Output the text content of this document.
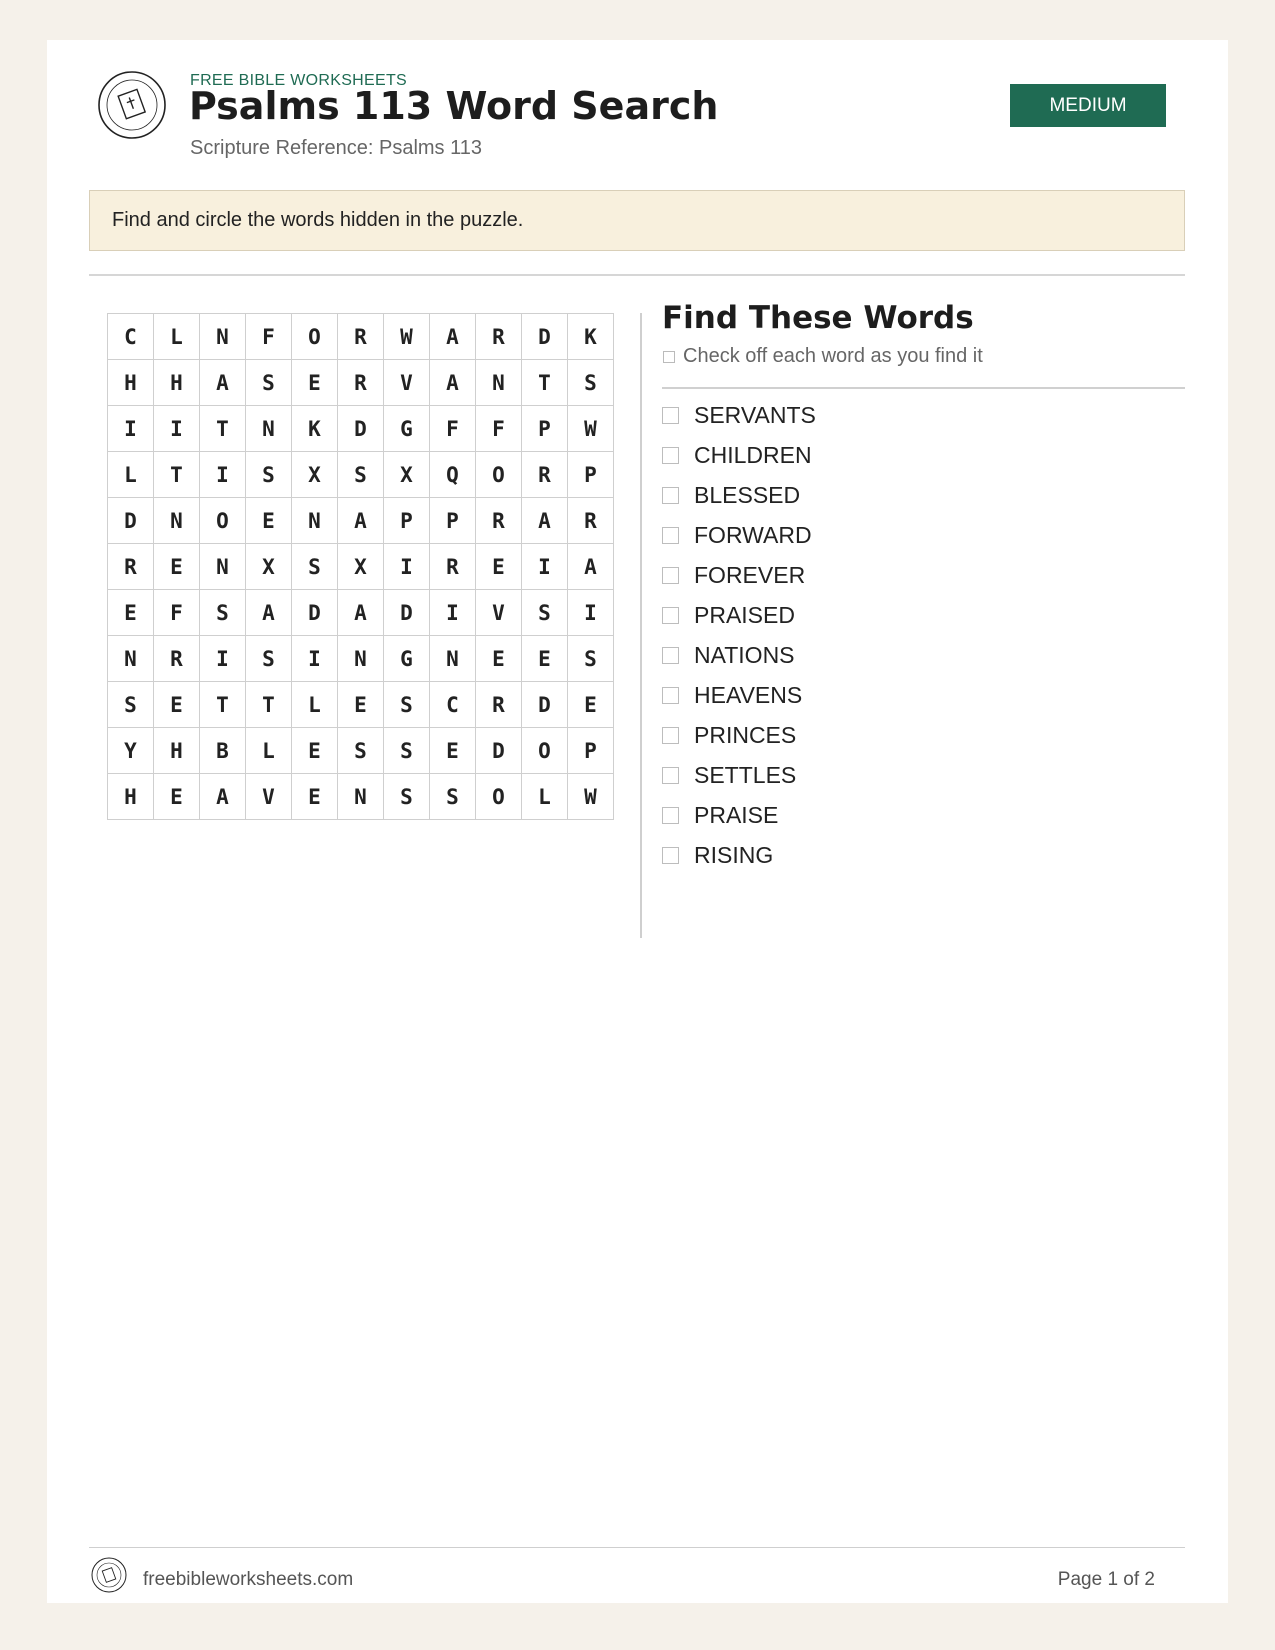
FREE BIBLE WORKSHEETS
Psalms 113 Word Search
Scripture Reference: Psalms 113
MEDIUM
Find and circle the words hidden in the puzzle.
C	L	N	F	O	R	W	A	R	D	K
H	H	A	S	E	R	V	A	N	T	S
I	I	T	N	K	D	G	F	F	P	W
L	T	I	S	X	S	X	Q	O	R	P
D	N	O	E	N	A	P	P	R	A	R
R	E	N	X	S	X	I	R	E	I	A
E	F	S	A	D	A	D	I	V	S	I
N	R	I	S	I	N	G	N	E	E	S
S	E	T	T	L	E	S	C	R	D	E
Y	H	B	L	E	S	S	E	D	O	P
H	E	A	V	E	N	S	S	O	L	W
Find These Words
Check off each word as you find it
SERVANTS
CHILDREN
BLESSED
FORWARD
FOREVER
PRAISED
NATIONS
HEAVENS
PRINCES
SETTLES
PRAISE
RISING
freebibleworksheets.com	Page 1 of 2
